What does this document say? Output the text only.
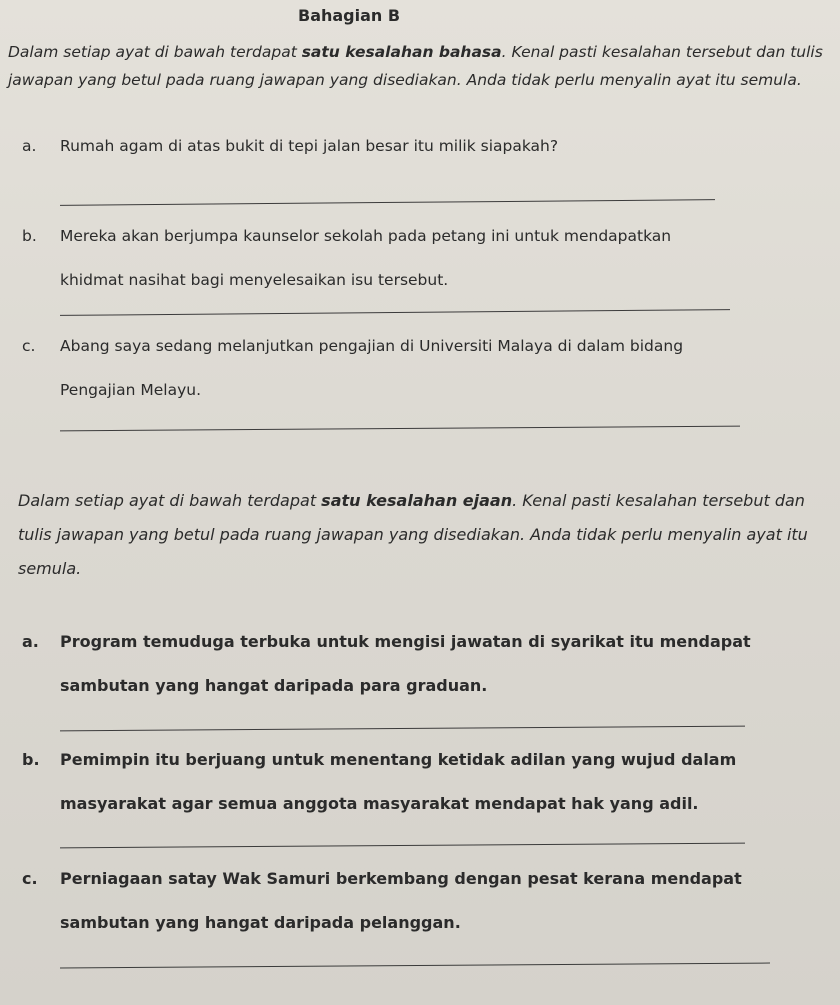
Bahagian B
Dalam setiap ayat di bawah terdapat satu kesalahan bahasa. Kenal pasti kesalahan tersebut dan tulis jawapan yang betul pada ruang jawapan yang disediakan. Anda tidak perlu menyalin ayat itu semula.
a. Rumah agam di atas bukit di tepi jalan besar itu milik siapakah?
b. Mereka akan berjumpa kaunselor sekolah pada petang ini untuk mendapatkan
khidmat nasihat bagi menyelesaikan isu tersebut.
c. Abang saya sedang melanjutkan pengajian di Universiti Malaya di dalam bidang
Pengajian Melayu.
Dalam setiap ayat di bawah terdapat satu kesalahan ejaan. Kenal pasti kesalahan tersebut dan tulis jawapan yang betul pada ruang jawapan yang disediakan. Anda tidak perlu menyalin ayat itu semula.
a. Program temuduga terbuka untuk mengisi jawatan di syarikat itu mendapat
sambutan yang hangat daripada para graduan.
b. Pemimpin itu berjuang untuk menentang ketidak adilan yang wujud dalam
masyarakat agar semua anggota masyarakat mendapat hak yang adil.
c. Perniagaan satay Wak Samuri berkembang dengan pesat kerana mendapat
sambutan yang hangat daripada pelanggan.
